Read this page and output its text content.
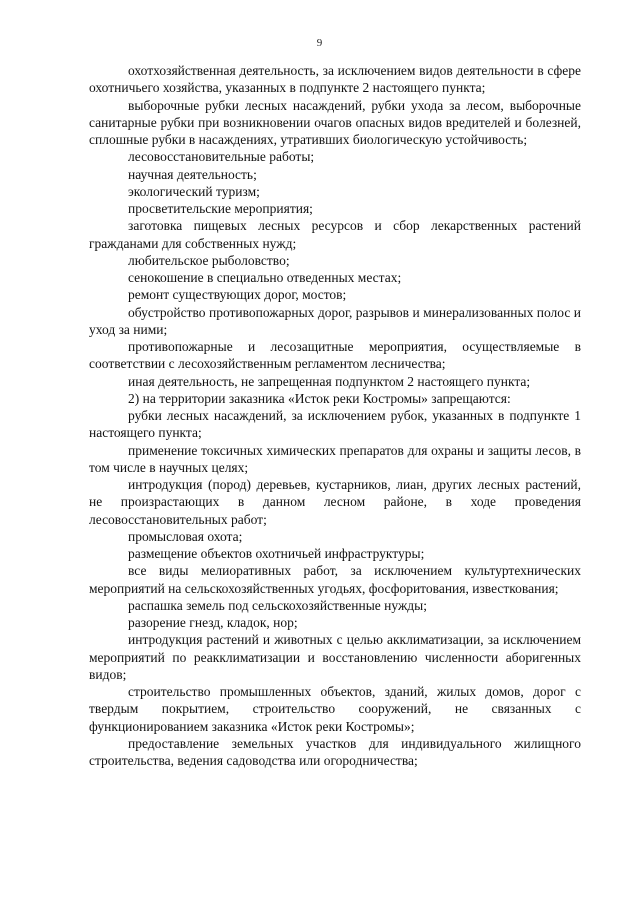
9

охотхозяйственная деятельность, за исключением видов деятельности в сфере охотничьего хозяйства, указанных в подпункте 2 настоящего пункта;

выборочные рубки лесных насаждений, рубки ухода за лесом, выборочные санитарные рубки при возникновении очагов опасных видов вредителей и болезней, сплошные рубки в насаждениях, утративших биологическую устойчивость;

лесовосстановительные работы;

научная деятельность;

экологический туризм;

просветительские мероприятия;

заготовка пищевых лесных ресурсов и сбор лекарственных растений гражданами для собственных нужд;

любительское рыболовство;

сенокошение в специально отведенных местах;

ремонт существующих дорог, мостов;

обустройство противопожарных дорог, разрывов и минерализованных полос и уход за ними;

противопожарные и лесозащитные мероприятия, осуществляемые в соответствии с лесохозяйственным регламентом лесничества;

иная деятельность, не запрещенная подпунктом 2 настоящего пункта;

2) на территории заказника «Исток реки Костромы» запрещаются:

рубки лесных насаждений, за исключением рубок, указанных в подпункте 1 настоящего пункта;

применение токсичных химических препаратов для охраны и защиты лесов, в том числе в научных целях;

интродукция (пород) деревьев, кустарников, лиан, других лесных растений, не произрастающих в данном лесном районе, в ходе проведения лесовосстановительных работ;

промысловая охота;

размещение объектов охотничьей инфраструктуры;

все виды мелиоративных работ, за исключением культуртехнических мероприятий на сельскохозяйственных угодьях, фосфоритования, известкования;

распашка земель под сельскохозяйственные нужды;

разорение гнезд, кладок, нор;

интродукция растений и животных с целью акклиматизации, за исключением мероприятий по реакклиматизации и восстановлению численности аборигенных видов;

строительство промышленных объектов, зданий, жилых домов, дорог с твердым покрытием, строительство сооружений, не связанных с функционированием заказника «Исток реки Костромы»;

предоставление земельных участков для индивидуального жилищного строительства, ведения садоводства или огородничества;
